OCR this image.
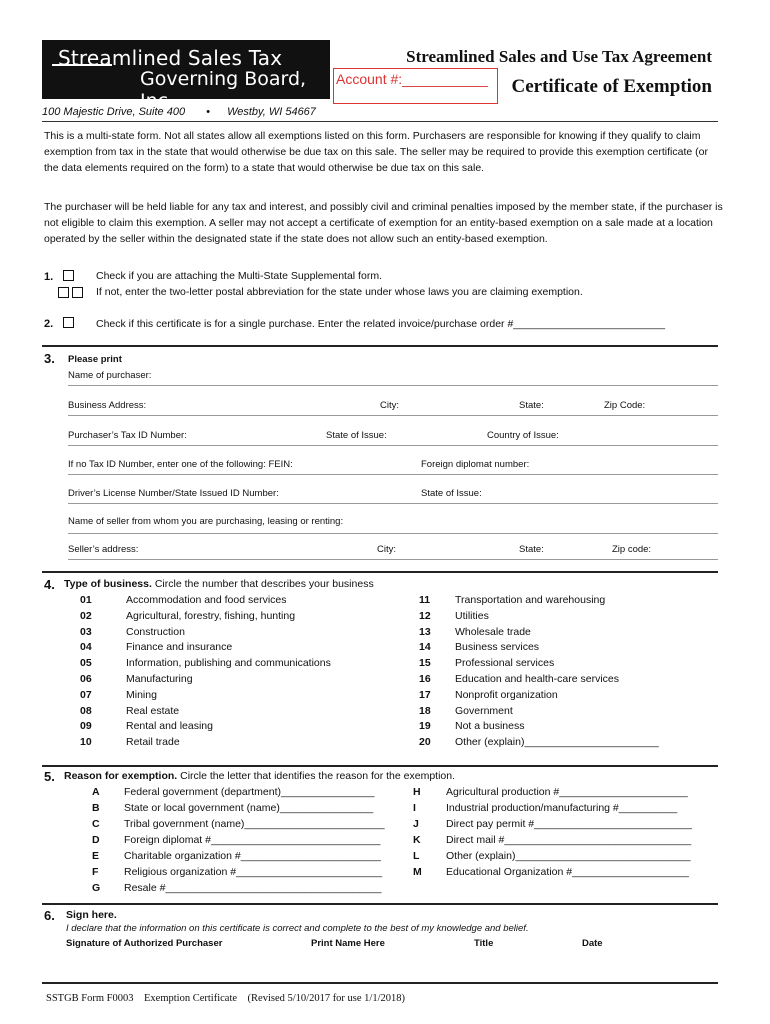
Streamlined Sales Tax
Governing Board, Inc.
Streamlined Sales and Use Tax Agreement
Certificate of Exemption
Account #:___________
100 Majestic Drive, Suite 400 • Westby, WI 54667
This is a multi-state form. Not all states allow all exemptions listed on this form. Purchasers are responsible for knowing if they qualify to claim exemption from tax in the state that would otherwise be due tax on this sale. The seller may be required to provide this exemption certificate (or the data elements required on the form) to a state that would otherwise be due tax on this sale.
The purchaser will be held liable for any tax and interest, and possibly civil and criminal penalties imposed by the member state, if the purchaser is not eligible to claim this exemption. A seller may not accept a certificate of exemption for an entity-based exemption on a sale made at a location operated by the seller within the designated state if the state does not allow such an entity-based exemption.
1.	Check if you are attaching the Multi-State Supplemental form.
If not, enter the two-letter postal abbreviation for the state under whose laws you are claiming exemption.
2.	Check if this certificate is for a single purchase. Enter the related invoice/purchase order #__________________________
3. Please print
Name of purchaser:
Business Address:	City:	State:	Zip Code:
Purchaser’s Tax ID Number:	State of Issue:	Country of Issue:
If no Tax ID Number, enter one of the following: FEIN:	Foreign diplomat number:
Driver’s License Number/State Issued ID Number:	State of Issue:
Name of seller from whom you are purchasing, leasing or renting:
Seller’s address:	City:	State:	Zip code:
4. Type of business. Circle the number that describes your business
01	Accommodation and food services
02	Agricultural, forestry, fishing, hunting
03	Construction
04	Finance and insurance
05	Information, publishing and communications
06	Manufacturing
07	Mining
08	Real estate
09	Rental and leasing
10	Retail trade
11 Transportation and warehousing
12 Utilities
13 Wholesale trade
14 Business services
15 Professional services
16 Education and health-care services
17 Nonprofit organization
18 Government
19 Not a business
20 Other (explain)_______________________
5. Reason for exemption. Circle the letter that identifies the reason for the exemption.
A Federal government (department)________________
B State or local government (name)________________
C Tribal government (name)________________________
D Foreign diplomat #_____________________________
E Charitable organization #________________________
F Religious organization #_________________________
G Resale #_____________________________________
H Agricultural production #______________________
I	Industrial production/manufacturing #__________
J	Direct pay permit #___________________________
K Direct mail #________________________________
L	Other (explain)______________________________
M Educational Organization #____________________
6. Sign here.
I declare that the information on this certificate is correct and complete to the best of my knowledge and belief.
Signature of Authorized Purchaser	Print Name Here	Title	Date
SSTGB Form F0003    Exemption Certificate    (Revised 5/10/2017 for use 1/1/2018)
